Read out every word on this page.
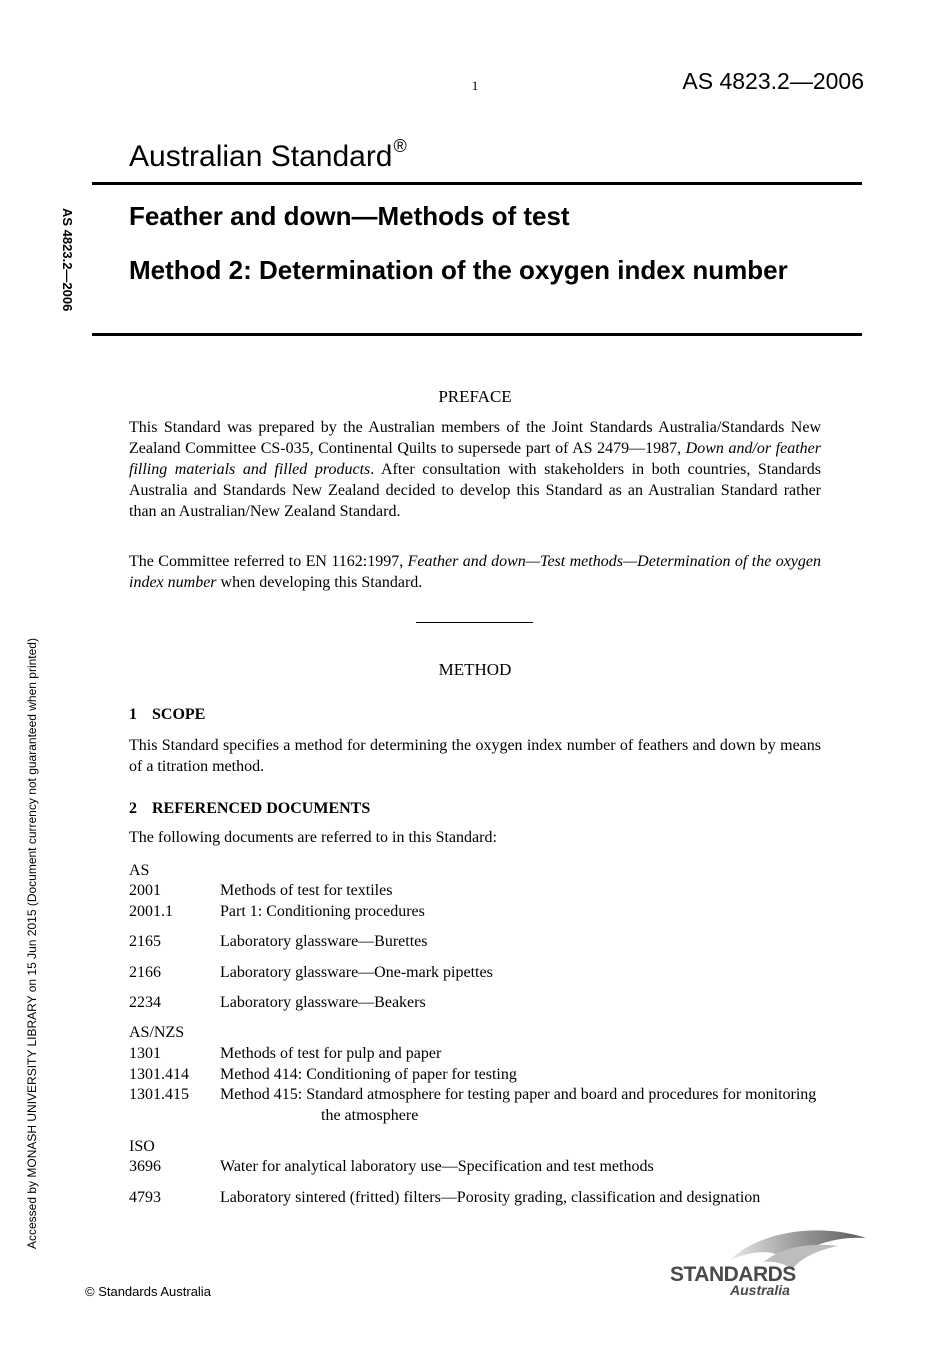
1	AS 4823.2—2006
Australian Standard®
Feather and down—Methods of test
Method 2: Determination of the oxygen index number
AS 4823.2—2006
Accessed by MONASH UNIVERSITY LIBRARY on 15 Jun 2015 (Document currency not guaranteed when printed)
PREFACE

This Standard was prepared by the Australian members of the Joint Standards Australia/Standards New Zealand Committee CS-035, Continental Quilts to supersede part of AS 2479—1987, Down and/or feather filling materials and filled products. After consultation with stakeholders in both countries, Standards Australia and Standards New Zealand decided to develop this Standard as an Australian Standard rather than an Australian/New Zealand Standard.

The Committee referred to EN 1162:1997, Feather and down—Test methods—Determination of the oxygen index number when developing this Standard.

METHOD
1 SCOPE

This Standard specifies a method for determining the oxygen index number of feathers and down by means of a titration method.

2 REFERENCED DOCUMENTS
The following documents are referred to in this Standard:
AS
2001	Methods of test for textiles
2001.1	Part 1: Conditioning procedures
2165	Laboratory glassware—Burettes
2166	Laboratory glassware—One-mark pipettes
2234	Laboratory glassware—Beakers
AS/NZS
1301	Methods of test for pulp and paper
1301.414	Method 414: Conditioning of paper for testing
1301.415	Method 415: Standard atmosphere for testing paper and board and procedures for monitoring the atmosphere
ISO
3696	Water for analytical laboratory use—Specification and test methods
4793	Laboratory sintered (fritted) filters—Porosity grading, classification and designation
© Standards Australia
STANDARDS
Australia
